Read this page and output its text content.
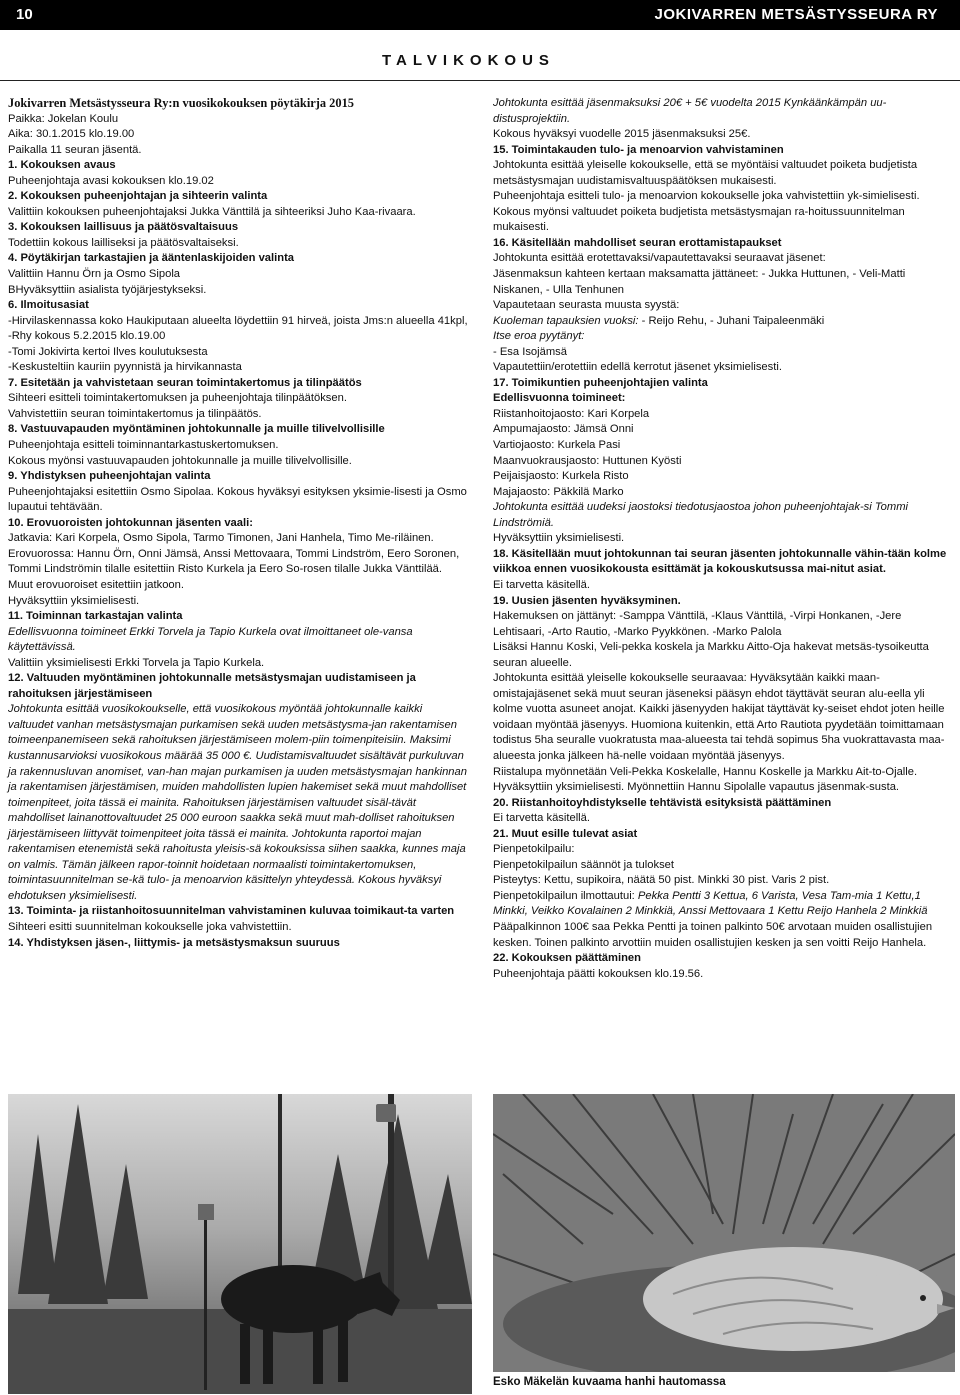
10	JOKIVARREN METSÄSTYSSEURA RY
TALVIKOKOUS

Jokivarren Metsästysseura Ry:n vuosikokouksen pöytäkirja 2015

Paikka: Jokelan Koulu

Aika: 30.1.2015 klo.19.00

Paikalla 11 seuran jäsentä.

1. Kokouksen avaus

Puheenjohtaja avasi kokouksen klo.19.02

2. Kokouksen puheenjohtajan ja sihteerin valinta

Valittiin kokouksen puheenjohtajaksi Jukka Vänttilä ja sihteeriksi Juho Kaa-rivaara.

3. Kokouksen laillisuus ja päätösvaltaisuus

Todettiin kokous lailliseksi ja päätösvaltaiseksi.

4. Pöytäkirjan tarkastajien ja ääntenlaskijoiden valinta

Valittiin Hannu Örn ja Osmo Sipola

BHyväksyttiin asialista työjärjestykseksi.

6. Ilmoitusasiat

-Hirvilaskennassa koko Haukiputaan alueelta löydettiin 91 hirveä, joista Jms:n alueella 41kpl,

-Rhy kokous 5.2.2015 klo.19.00

-Tomi Jokivirta kertoi Ilves koulutuksesta

-Keskusteltiin kauriin pyynnistä ja hirvikannasta

7. Esitetään ja vahvistetaan seuran toimintakertomus ja tilinpäätös

Sihteeri esitteli toimintakertomuksen ja puheenjohtaja tilinpäätöksen.

Vahvistettiin seuran toimintakertomus ja tilinpäätös.

8. Vastuuvapauden myöntäminen johtokunnalle ja muille tilivelvollisille

Puheenjohtaja esitteli toiminnantarkastuskertomuksen.

Kokous myönsi vastuuvapauden johtokunnalle ja muille tilivelvollisille.

9. Yhdistyksen puheenjohtajan valinta

Puheenjohtajaksi esitettiin Osmo Sipolaa. Kokous hyväksyi esityksen yksimie-lisesti ja Osmo lupautui tehtävään.

10. Erovuoroisten johtokunnan jäsenten vaali:

Jatkavia: Kari Korpela, Osmo Sipola, Tarmo Timonen, Jani Hanhela, Timo Me-riläinen.

Erovuorossa: Hannu Örn, Onni Jämsä, Anssi Mettovaara, Tommi Lindström, Eero Soronen, Tommi Lindströmin tilalle esitettiin Risto Kurkela ja Eero So-rosen tilalle Jukka Vänttilää.

Muut erovuoroiset esitettiin jatkoon.

Hyväksyttiin yksimielisesti.

11. Toiminnan tarkastajan valinta

Edellisvuonna toimineet Erkki Torvela ja Tapio Kurkela ovat ilmoittaneet ole-vansa käytettävissä.

Valittiin yksimielisesti Erkki Torvela ja Tapio Kurkela.

12. Valtuuden myöntäminen johtokunnalle metsästysmajan uudistamiseen ja rahoituksen järjestämiseen

Johtokunta esittää vuosikokoukselle, että vuosikokous myöntää johtokunnalle kaikki valtuudet vanhan metsästysmajan purkamisen sekä uuden metsästysma-jan rakentamisen toimeenpanemiseen sekä rahoituksen järjestämiseen molem-piin toimenpiteisiin. Maksimi kustannusarvioksi vuosikokous määrää 35 000 €. Uudistamisvaltuudet sisältävät purkuluvan ja rakennusluvan anomiset, van-han majan purkamisen ja uuden metsästysmajan hankinnan ja rakentamisen järjestämisen, muiden mahdollisten lupien hakemiset sekä muut mahdolliset toimenpiteet, joita tässä ei mainita. Rahoituksen järjestämisen valtuudet sisäl-tävät mahdolliset lainanottovaltuudet 25 000 euroon saakka sekä muut mah-dolliset rahoituksen järjestämiseen liittyvät toimenpiteet joita tässä ei mainita. Johtokunta raportoi majan rakentamisen etenemistä sekä rahoitusta yleisis-sä kokouksissa siihen saakka, kunnes maja on valmis. Tämän jälkeen rapor-toinnit hoidetaan normaalisti toimintakertomuksen, toimintasuunnitelman se-kä tulo- ja menoarvion käsittelyn yhteydessä. Kokous hyväksyi ehdotuksen yksimielisesti.

13. Toiminta- ja riistanhoitosuunnitelman vahvistaminen kuluvaa toimikaut-ta varten

Sihteeri esitti suunnitelman kokoukselle joka vahvistettiin.

14. Yhdistyksen jäsen-, liittymis- ja metsästysmaksun suuruus

Johtokunta esittää jäsenmaksuksi 20€ + 5€ vuodelta 2015 Kynkäänkämpän uu-distusprojektiin.

Kokous hyväksyi vuodelle 2015 jäsenmaksuksi 25€.

15. Toimintakauden tulo- ja menoarvion vahvistaminen

Johtokunta esittää yleiselle kokoukselle, että se myöntäisi valtuudet poiketa budjetista metsästysmajan uudistamisvaltuuspäätöksen mukaisesti.

Puheenjohtaja esitteli tulo- ja menoarvion kokoukselle joka vahvistettiin yk-simielisesti. Kokous myönsi valtuudet poiketa budjetista metsästysmajan ra-hoitussuunnitelman mukaisesti.

16. Käsitellään mahdolliset seuran erottamistapaukset

Johtokunta esittää erotettavaksi/vapautettavaksi seuraavat jäsenet:

Jäsenmaksun kahteen kertaan maksamatta jättäneet: - Jukka Huttunen, - Veli-Matti Niskanen, - Ulla Tenhunen

Vapautetaan seurasta muusta syystä:

Kuoleman tapauksien vuoksi: - Reijo Rehu, - Juhani Taipaleenmäki

Itse eroa pyytänyt:

- Esa Isojämsä

Vapautettiin/erotettiin edellä kerrotut jäsenet yksimielisesti.

17. Toimikuntien puheenjohtajien valinta

Edellisvuonna toimineet:

Riistanhoitojaosto: Kari Korpela

Ampumajaosto: Jämsä Onni

Vartiojaosto: Kurkela Pasi

Maanvuokrausjaosto: Huttunen Kyösti

Peijaisjaosto: Kurkela Risto

Majajaosto: Päkkilä Marko

Johtokunta esittää uudeksi jaostoksi tiedotusjaostoa johon puheenjohtajak-si Tommi Lindströmiä.

Hyväksyttiin yksimielisesti.

18. Käsitellään muut johtokunnan tai seuran jäsenten johtokunnalle vähin-tään kolme viikkoa ennen vuosikokousta esittämät ja kokouskutsussa mai-nitut asiat.

Ei tarvetta käsitellä.

19. Uusien jäsenten hyväksyminen.

Hakemuksen on jättänyt: -Samppa Vänttilä, -Klaus Vänttilä, -Virpi Honkanen, -Jere Lehtisaari, -Arto Rautio, -Marko Pyykkönen. -Marko Palola

Lisäksi Hannu Koski, Veli-pekka koskela ja Markku Aitto-Oja hakevat metsäs-tysoikeutta seuran alueelle.

Johtokunta esittää yleiselle kokoukselle seuraavaa: Hyväksytään kaikki maan-omistajajäsenet sekä muut seuran jäseneksi pääsyn ehdot täyttävät seuran alu-eella yli kolme vuotta asuneet anojat. Kaikki jäsenyyden hakijat täyttävät ky-seiset ehdot joten heille voidaan myöntää jäsenyys. Huomiona kuitenkin, että Arto Rautiota pyydetään toimittamaan todistus 5ha seuralle vuokratusta maa-alueesta tai tehdä sopimus 5ha vuokrattavasta maa-alueesta jonka jälkeen hä-nelle voidaan myöntää jäsenyys.

Riistalupa myönnetään Veli-Pekka Koskelalle, Hannu Koskelle ja Markku Ait-to-Ojalle.

Hyväksyttiin yksimielisesti. Myönnettiin Hannu Sipolalle vapautus jäsenmak-susta.

20. Riistanhoitoyhdistykselle tehtävistä esityksistä päättäminen

Ei tarvetta käsitellä.

21. Muut esille tulevat asiat

Pienpetokilpailu:

Pienpetokilpailun säännöt ja tulokset

Pisteytys: Kettu, supikoira, näätä 50 pist. Minkki 30 pist. Varis 2 pist.

Pienpetokilpailun ilmottautui: Pekka Pentti 3 Kettua, 6 Varista, Vesa Tam-mia 1 Kettu,1 Minkki, Veikko Kovalainen 2 Minkkiä, Anssi Mettovaara 1 Kettu Reijo Hanhela 2 Minkkiä

Pääpalkinnon 100€ saa Pekka Pentti ja toinen palkinto 50€ arvotaan muiden osallistujien kesken. Toinen palkinto arvottiin muiden osallistujien kesken ja sen voitti Reijo Hanhela.

22. Kokouksen päättäminen

Puheenjohtaja päätti kokouksen klo.19.56.

Esko Mäkelän kuvaama hanhi hautomassa
